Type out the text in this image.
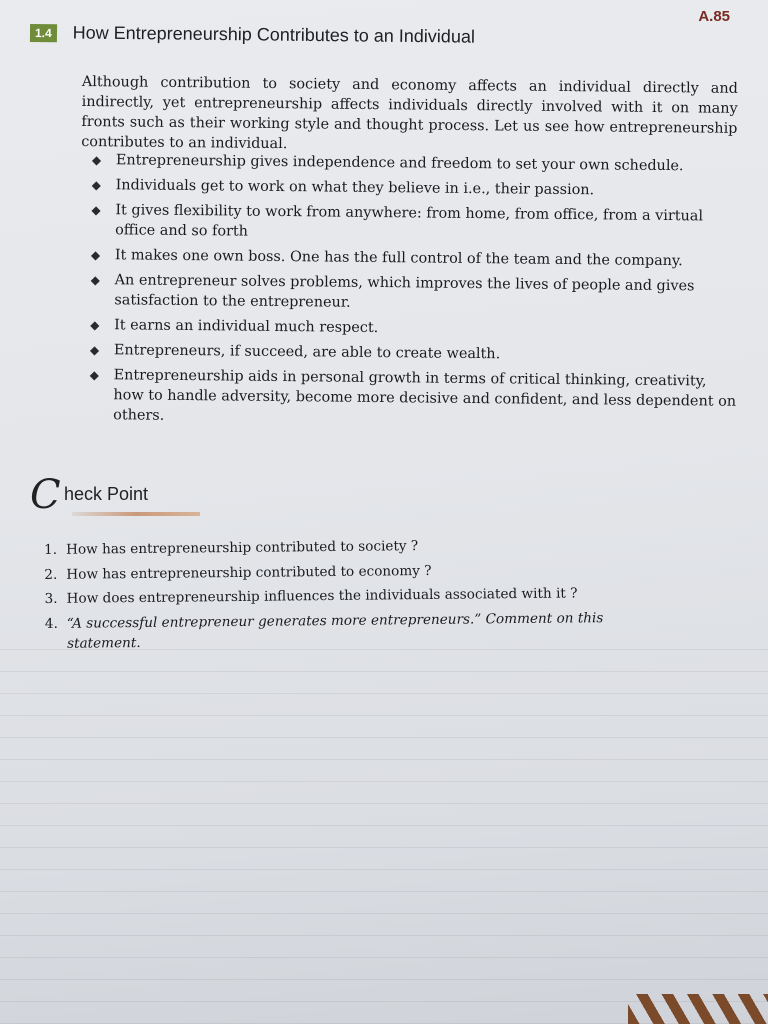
A.85
1.4 How Entrepreneurship Contributes to an Individual

Although contribution to society and economy affects an individual directly and indirectly, yet entrepreneurship affects individuals directly involved with it on many fronts such as their working style and thought process. Let us see how entrepreneurship contributes to an individual.

◆ Entrepreneurship gives independence and freedom to set your own schedule.
◆ Individuals get to work on what they believe in i.e., their passion.
◆ It gives flexibility to work from anywhere: from home, from office, from a virtual office and so forth
◆ It makes one own boss. One has the full control of the team and the company.
◆ An entrepreneur solves problems, which improves the lives of people and gives satisfaction to the entrepreneur.
◆ It earns an individual much respect.
◆ Entrepreneurs, if succeed, are able to create wealth.
◆ Entrepreneurship aids in personal growth in terms of critical thinking, creativity, how to handle adversity, become more decisive and confident, and less dependent on others.
C heck Point
1. How has entrepreneurship contributed to society ?
2. How has entrepreneurship contributed to economy ?
3. How does entrepreneurship influences the individuals associated with it ?
4. “A successful entrepreneur generates more entrepreneurs.” Comment on this statement.
